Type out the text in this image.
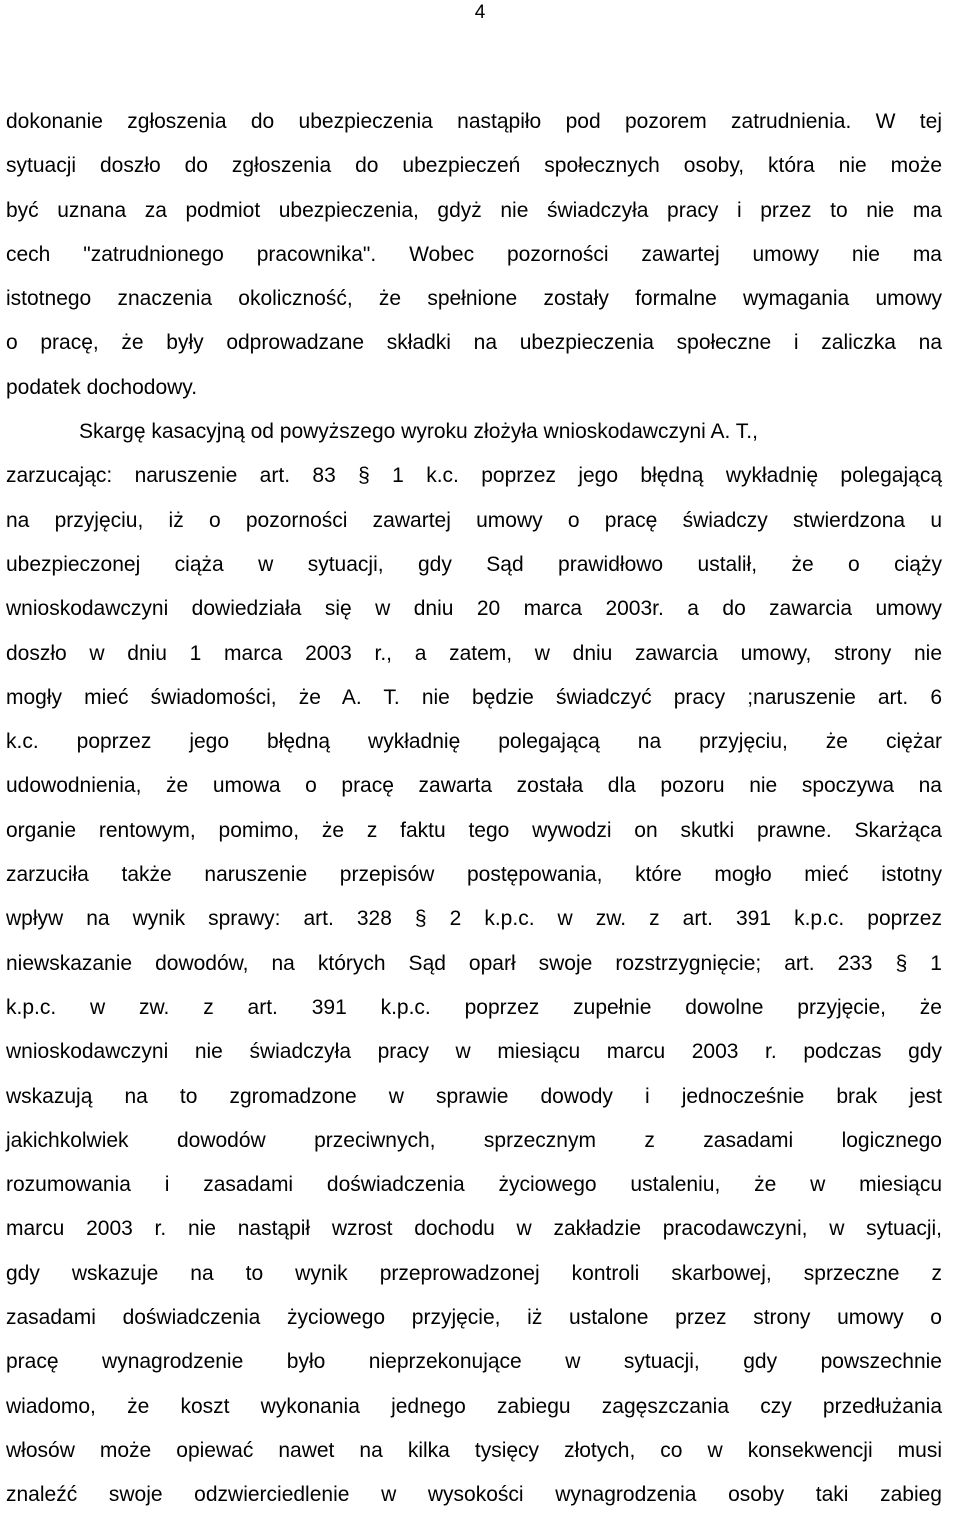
4

dokonanie zgłoszenia do ubezpieczenia nastąpiło pod pozorem zatrudnienia. W tej
sytuacji doszło do zgłoszenia do ubezpieczeń społecznych osoby, która nie może
być uznana za podmiot ubezpieczenia, gdyż nie świadczyła pracy i przez to nie ma
cech "zatrudnionego pracownika". Wobec pozorności zawartej umowy nie ma
istotnego znaczenia okoliczność, że spełnione zostały formalne wymagania umowy
o pracę, że były odprowadzane składki na ubezpieczenia społeczne i zaliczka na
podatek dochodowy.

Skargę kasacyjną od powyższego wyroku złożyła wnioskodawczyni A. T.,
zarzucając: naruszenie art. 83 § 1 k.c. poprzez jego błędną wykładnię polegającą
na przyjęciu, iż o pozorności zawartej umowy o pracę świadczy stwierdzona u
ubezpieczonej ciąża w sytuacji, gdy Sąd prawidłowo ustalił, że o ciąży
wnioskodawczyni dowiedziała się w dniu 20 marca 2003r. a do zawarcia umowy
doszło w dniu 1 marca 2003 r., a zatem, w dniu zawarcia umowy, strony nie
mogły mieć świadomości, że A. T. nie będzie świadczyć pracy ;naruszenie art. 6
k.c. poprzez jego błędną wykładnię polegającą na przyjęciu, że ciężar
udowodnienia, że umowa o pracę zawarta została dla pozoru nie spoczywa na
organie rentowym, pomimo, że z faktu tego wywodzi on skutki prawne. Skarżąca
zarzuciła także naruszenie przepisów postępowania, które mogło mieć istotny
wpływ na wynik sprawy: art. 328 § 2 k.p.c. w zw. z art. 391 k.p.c. poprzez
niewskazanie dowodów, na których Sąd oparł swoje rozstrzygnięcie; art. 233 § 1
k.p.c. w zw. z art. 391 k.p.c. poprzez zupełnie dowolne przyjęcie, że
wnioskodawczyni nie świadczyła pracy w miesiącu marcu 2003 r. podczas gdy
wskazują na to zgromadzone w sprawie dowody i jednocześnie brak jest
jakichkolwiek dowodów przeciwnych, sprzecznym z zasadami logicznego
rozumowania i zasadami doświadczenia życiowego ustaleniu, że w miesiącu
marcu 2003 r. nie nastąpił wzrost dochodu w zakładzie pracodawczyni, w sytuacji,
gdy wskazuje na to wynik przeprowadzonej kontroli skarbowej, sprzeczne z
zasadami doświadczenia życiowego przyjęcie, iż ustalone przez strony umowy o
pracę wynagrodzenie było nieprzekonujące w sytuacji, gdy powszechnie
wiadomo, że koszt wykonania jednego zabiegu zagęszczania czy przedłużania
włosów może opiewać nawet na kilka tysięcy złotych, co w konsekwencji musi
znaleźć swoje odzwierciedlenie w wysokości wynagrodzenia osoby taki zabieg
